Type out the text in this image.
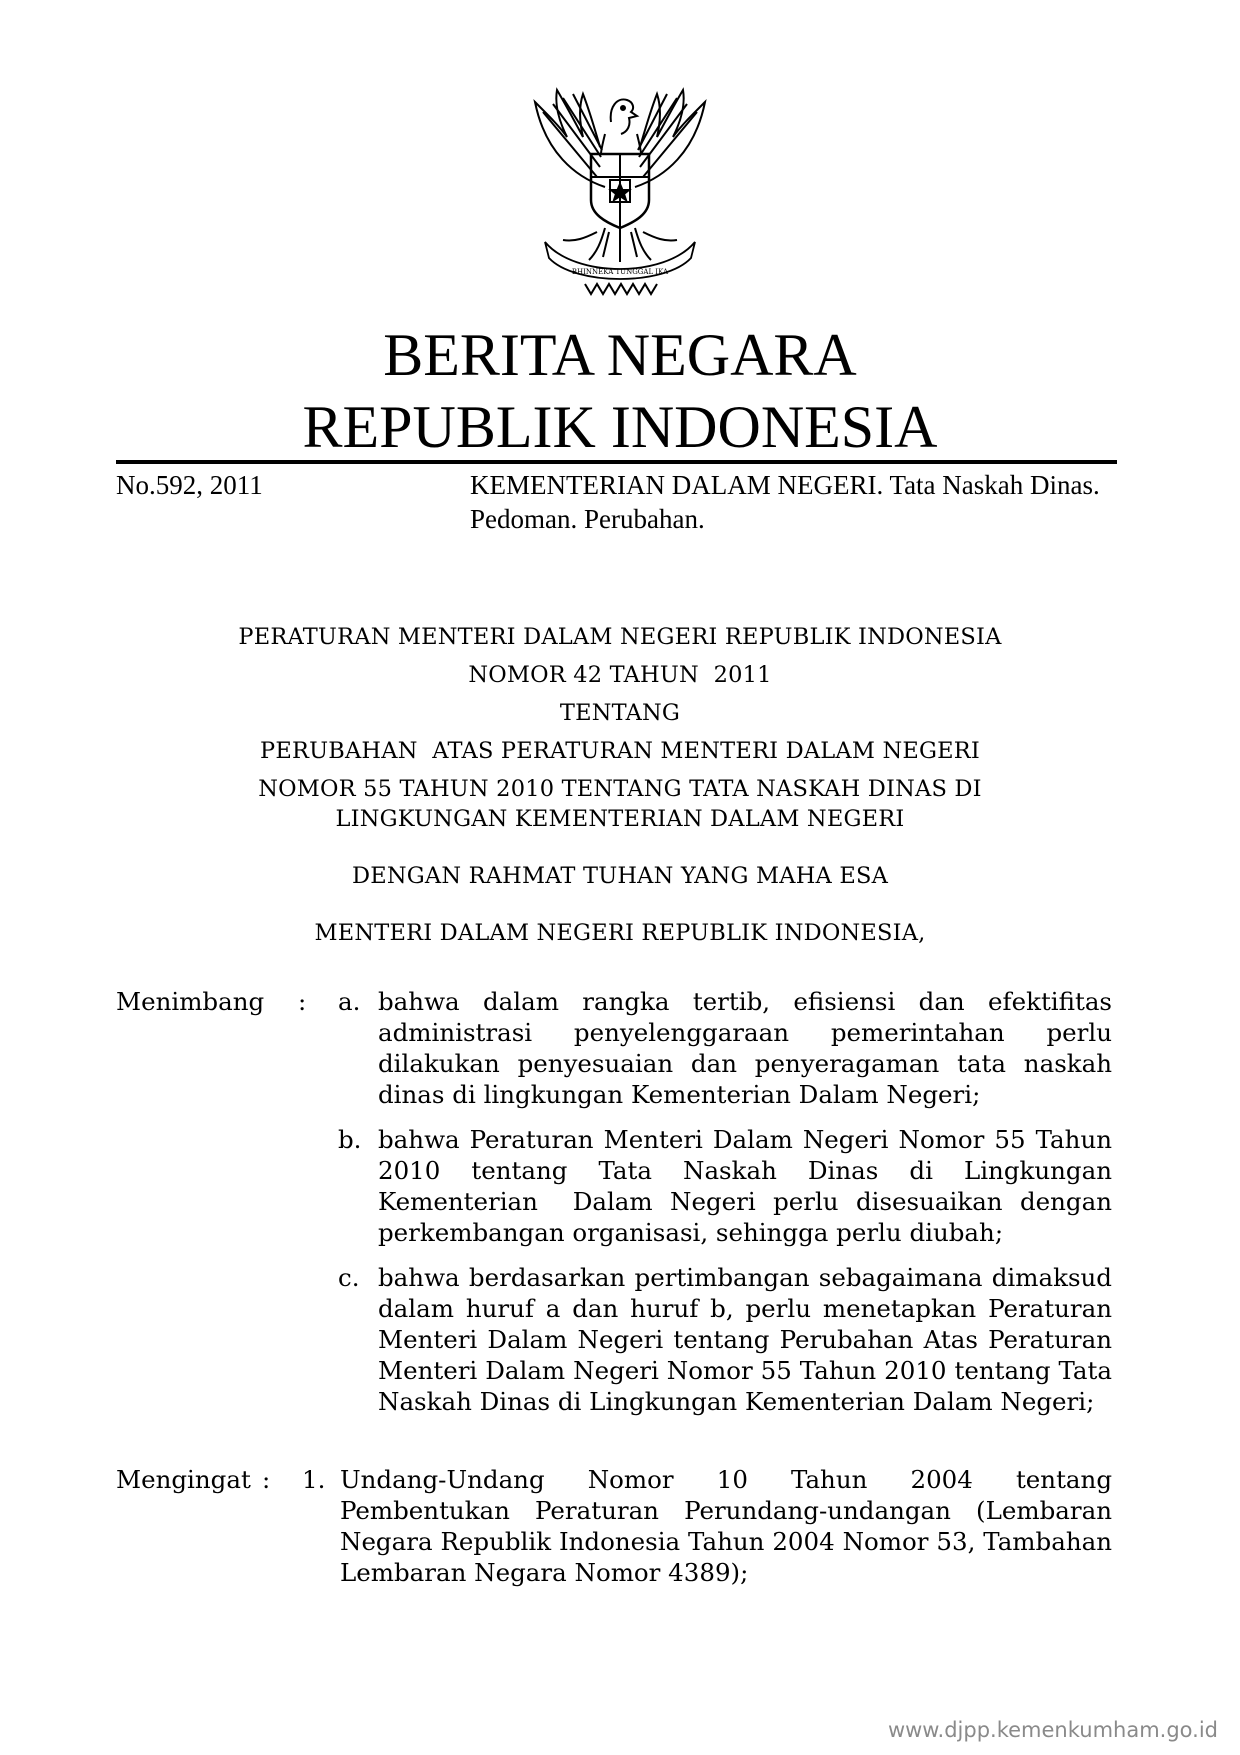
BHINNEKA TUNGGAL IKA
BERITA NEGARA
REPUBLIK INDONESIA
No.592, 2011	KEMENTERIAN DALAM NEGERI. Tata Naskah Dinas. Pedoman. Perubahan.
PERATURAN MENTERI DALAM NEGERI REPUBLIK INDONESIA
NOMOR 42 TAHUN  2011
TENTANG
PERUBAHAN  ATAS PERATURAN MENTERI DALAM NEGERI
NOMOR 55 TAHUN 2010 TENTANG TATA NASKAH DINAS DI
LINGKUNGAN KEMENTERIAN DALAM NEGERI
DENGAN RAHMAT TUHAN YANG MAHA ESA
MENTERI DALAM NEGERI REPUBLIK INDONESIA,
Menimbang : a. bahwa dalam rangka tertib, efisiensi dan efektifitas administrasi penyelenggaraan pemerintahan perlu dilakukan penyesuaian dan penyeragaman tata naskah dinas di lingkungan Kementerian Dalam Negeri;
b. bahwa Peraturan Menteri Dalam Negeri Nomor 55 Tahun 2010 tentang Tata Naskah Dinas di Lingkungan Kementerian  Dalam Negeri perlu disesuaikan dengan perkembangan organisasi, sehingga perlu diubah;
c. bahwa berdasarkan pertimbangan sebagaimana dimaksud dalam huruf a dan huruf b, perlu menetapkan Peraturan Menteri Dalam Negeri tentang Perubahan Atas Peraturan Menteri Dalam Negeri Nomor 55 Tahun 2010 tentang Tata Naskah Dinas di Lingkungan Kementerian Dalam Negeri;
Mengingat : 1. Undang-Undang Nomor 10 Tahun 2004 tentang Pembentukan Peraturan Perundang-undangan (Lembaran Negara Republik Indonesia Tahun 2004 Nomor 53, Tambahan Lembaran Negara Nomor 4389);
www.djpp.kemenkumham.go.id
